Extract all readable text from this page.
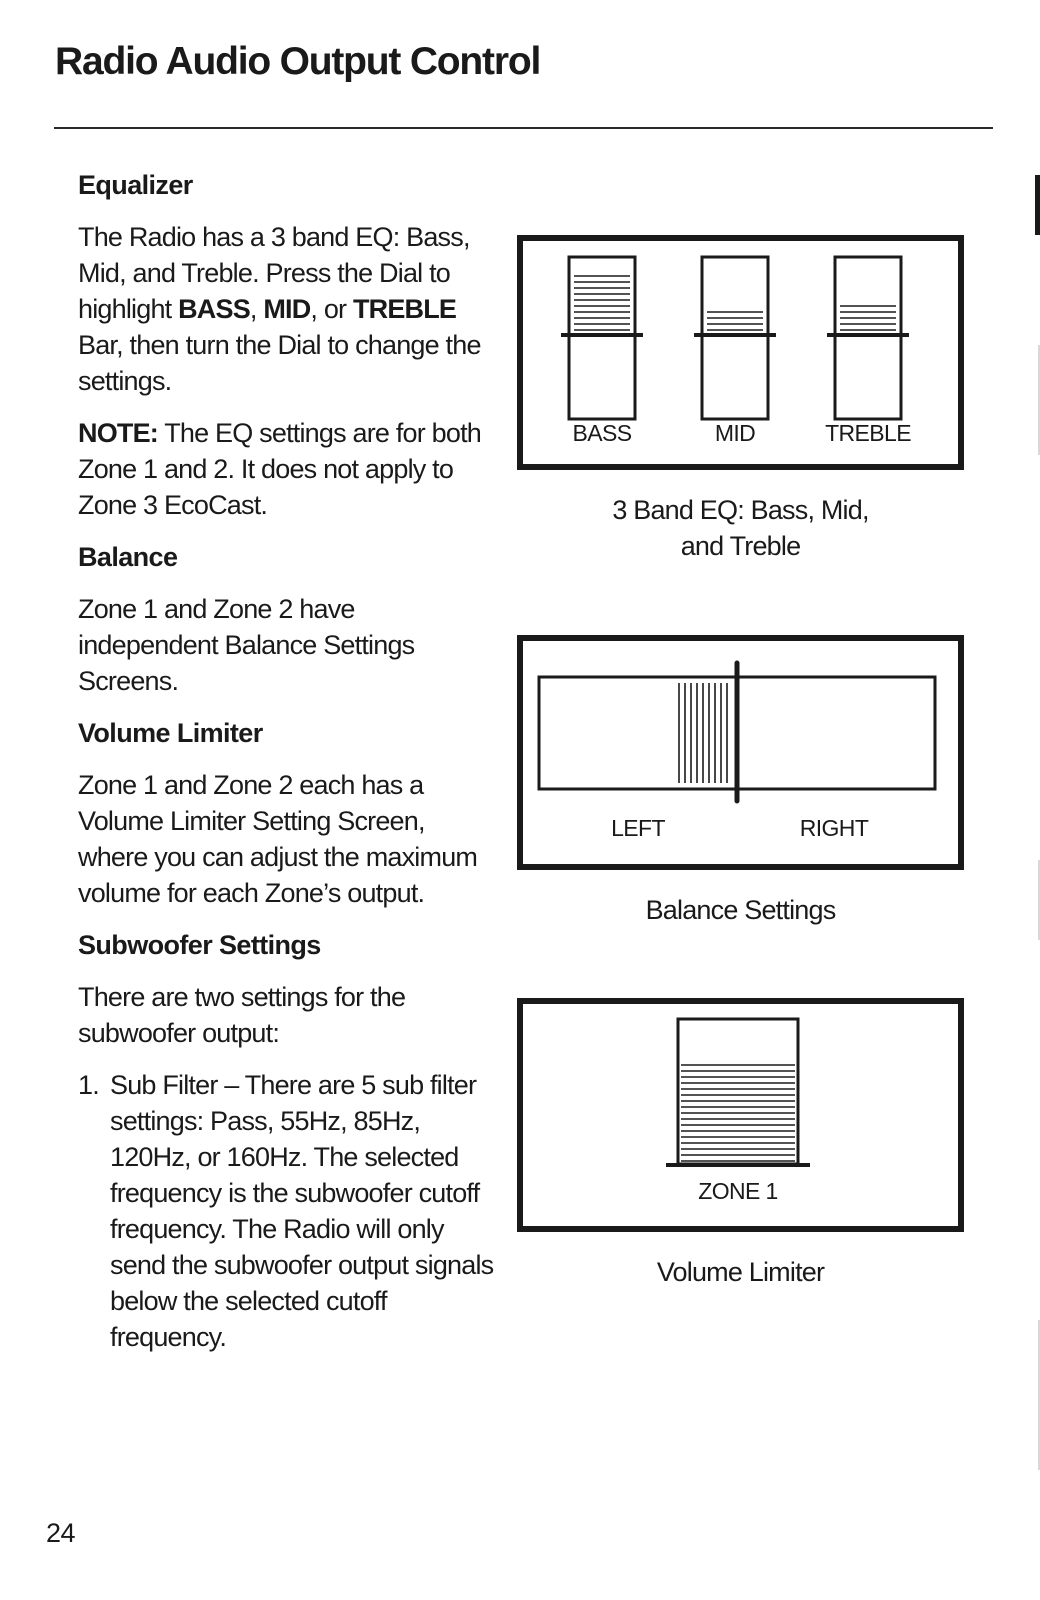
Radio Audio Output Control
Equalizer

The Radio has a 3 band EQ: Bass, Mid, and Treble. Press the Dial to highlight BASS, MID, or TREBLE Bar, then turn the Dial to change the settings.

NOTE: The EQ settings are for both Zone 1 and 2. It does not apply to Zone 3 EcoCast.

Balance

Zone 1 and Zone 2 have independent Balance Settings Screens.

Volume Limiter

Zone 1 and Zone 2 each has a Volume Limiter Setting Screen, where you can adjust the maximum volume for each Zone’s output.

Subwoofer Settings

There are two settings for the subwoofer output:

1. Sub Filter – There are 5 sub filter settings: Pass, 55Hz, 85Hz, 120Hz, or 160Hz. The selected frequency is the subwoofer cutoff frequency. The Radio will only send the subwoofer output signals below the selected cutoff frequency.
24
BASS	MID	TREBLE
3 Band EQ: Bass, Mid,
and Treble
LEFT	RIGHT
Balance Settings
ZONE 1
Volume Limiter
